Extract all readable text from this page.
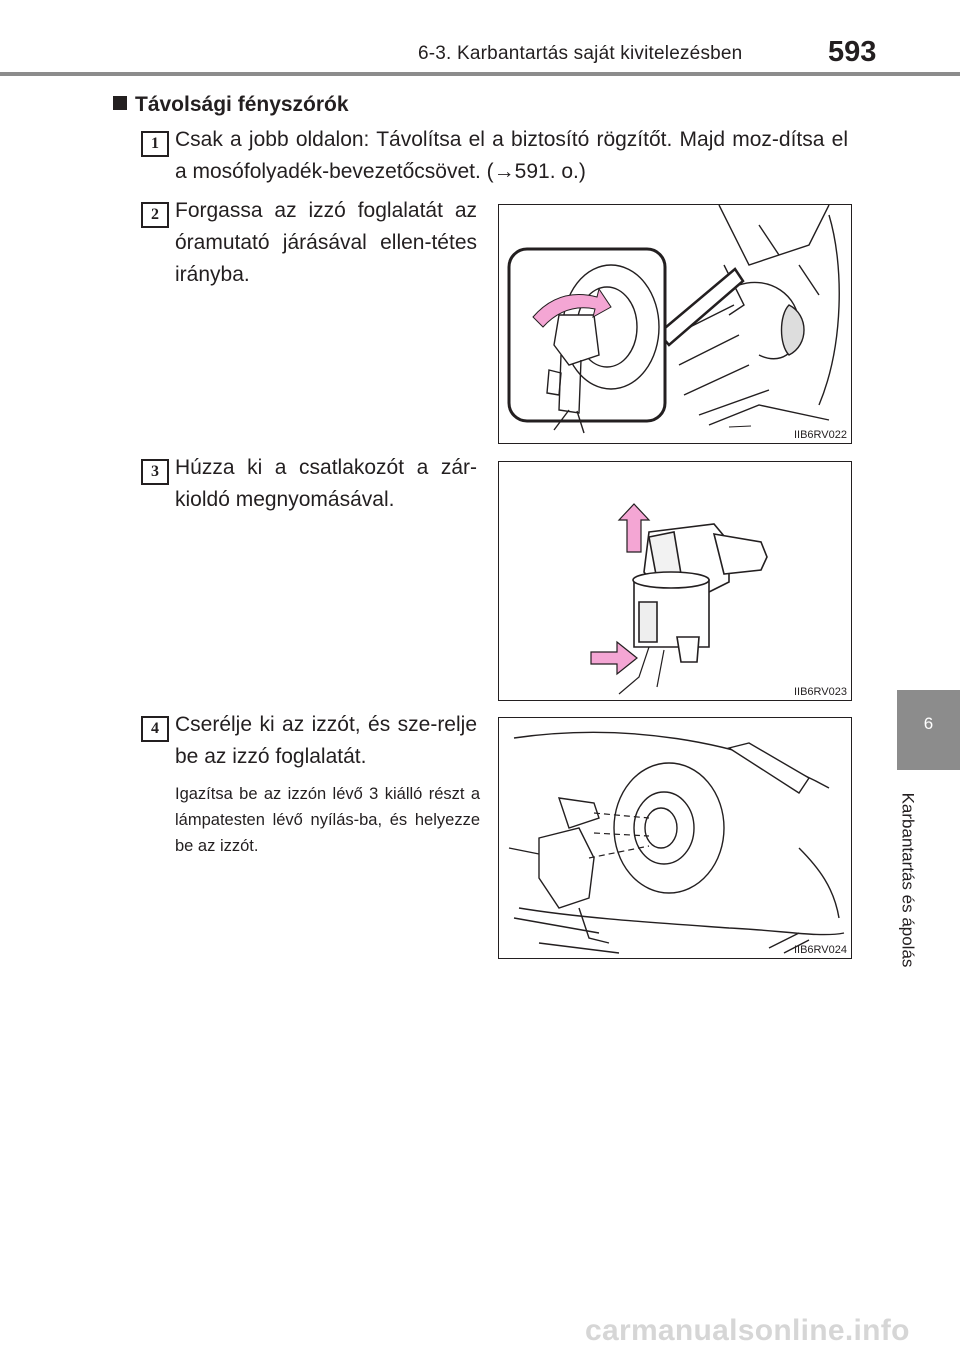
6-3. Karbantartás saját kivitelezésben	593
6
Karbantartás és ápolás
Távolsági fényszórók
1 Csak a jobb oldalon: Távolítsa el a biztosító rögzítőt. Majd moz-dítsa el a mosófolyadék-bevezetőcsövet. (→591. o.)
2 Forgassa az izzó foglalatát az óramutató járásával ellen-tétes irányba.
IIB6RV022
3 Húzza ki a csatlakozót a zár-kioldó megnyomásával.
IIB6RV023
4 Cserélje ki az izzót, és sze-relje be az izzó foglalatát.
Igazítsa be az izzón lévő 3 kiálló részt a lámpatesten lévő nyílás-ba, és helyezze be az izzót.
IIB6RV024
carmanualsonline.info
